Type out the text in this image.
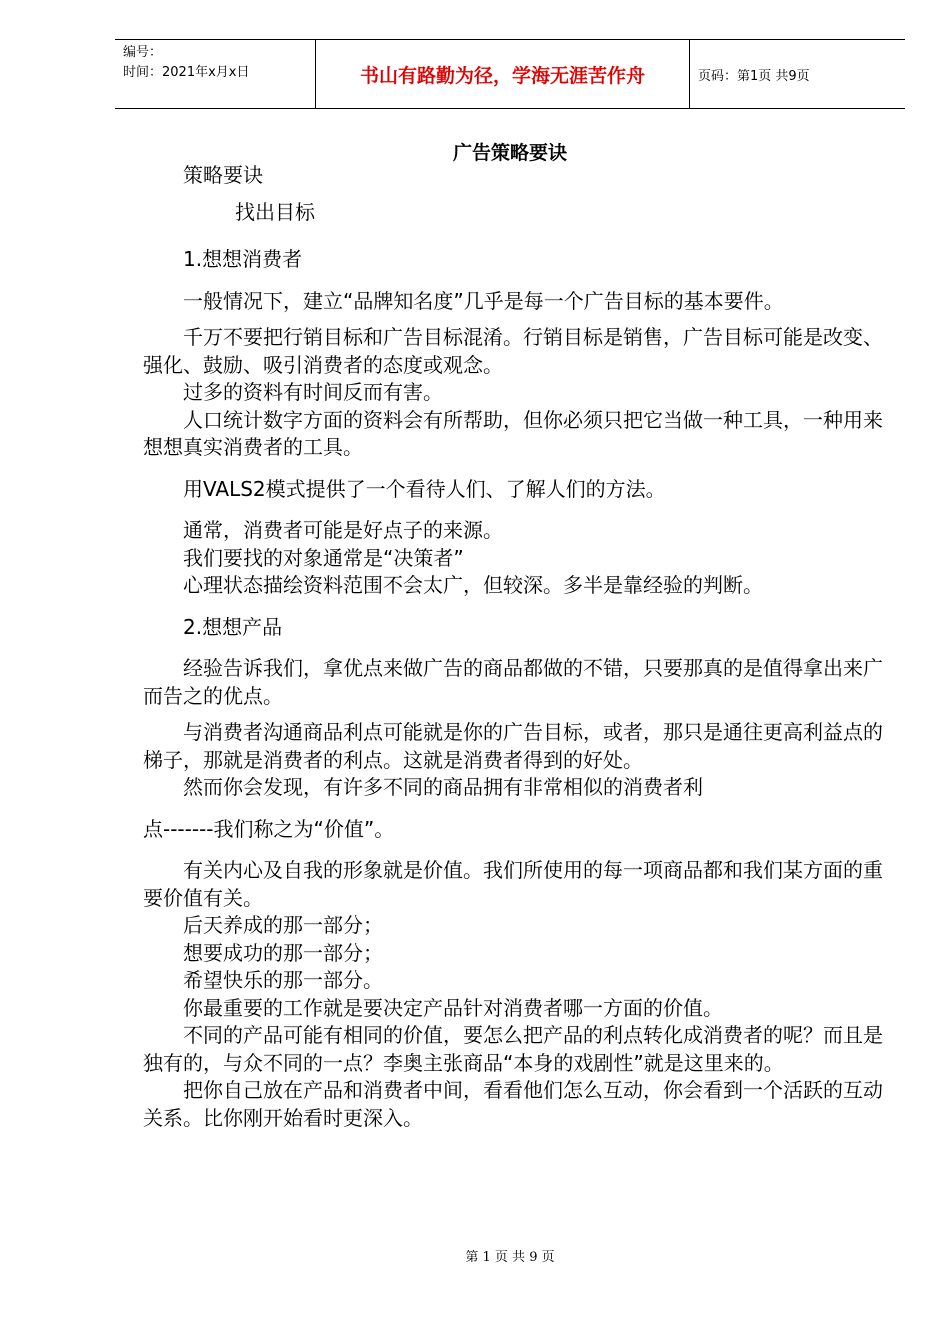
编号：
时间：2021年x月x日	书山有路勤为径，学海无涯苦作舟	页码：第1页 共9页
广告策略要诀

策略要诀

找出目标

1.想想消费者

一般情况下，建立“品牌知名度”几乎是每一个广告目标的基本要件。

千万不要把行销目标和广告目标混淆。行销目标是销售，广告目标可能是改变、强化、鼓励、吸引消费者的态度或观念。

过多的资料有时间反而有害。

人口统计数字方面的资料会有所帮助，但你必须只把它当做一种工具，一种用来想想真实消费者的工具。

用VALS2模式提供了一个看待人们、了解人们的方法。

通常，消费者可能是好点子的来源。

我们要找的对象通常是“决策者”

心理状态描绘资料范围不会太广，但较深。多半是靠经验的判断。

2.想想产品

经验告诉我们，拿优点来做广告的商品都做的不错，只要那真的是值得拿出来广而告之的优点。

与消费者沟通商品利点可能就是你的广告目标，或者，那只是通往更高利益点的梯子，那就是消费者的利点。这就是消费者得到的好处。

然而你会发现，有许多不同的商品拥有非常相似的消费者利

点-------我们称之为“价值”。

有关内心及自我的形象就是价值。我们所使用的每一项商品都和我们某方面的重要价值有关。

后天养成的那一部分；

想要成功的那一部分；

希望快乐的那一部分。

你最重要的工作就是要决定产品针对消费者哪一方面的价值。

不同的产品可能有相同的价值，要怎么把产品的利点转化成消费者的呢？而且是独有的，与众不同的一点？李奥主张商品“本身的戏剧性”就是这里来的。

把你自己放在产品和消费者中间，看看他们怎么互动，你会看到一个活跃的互动关系。比你刚开始看时更深入。

第 1 页 共 9 页
